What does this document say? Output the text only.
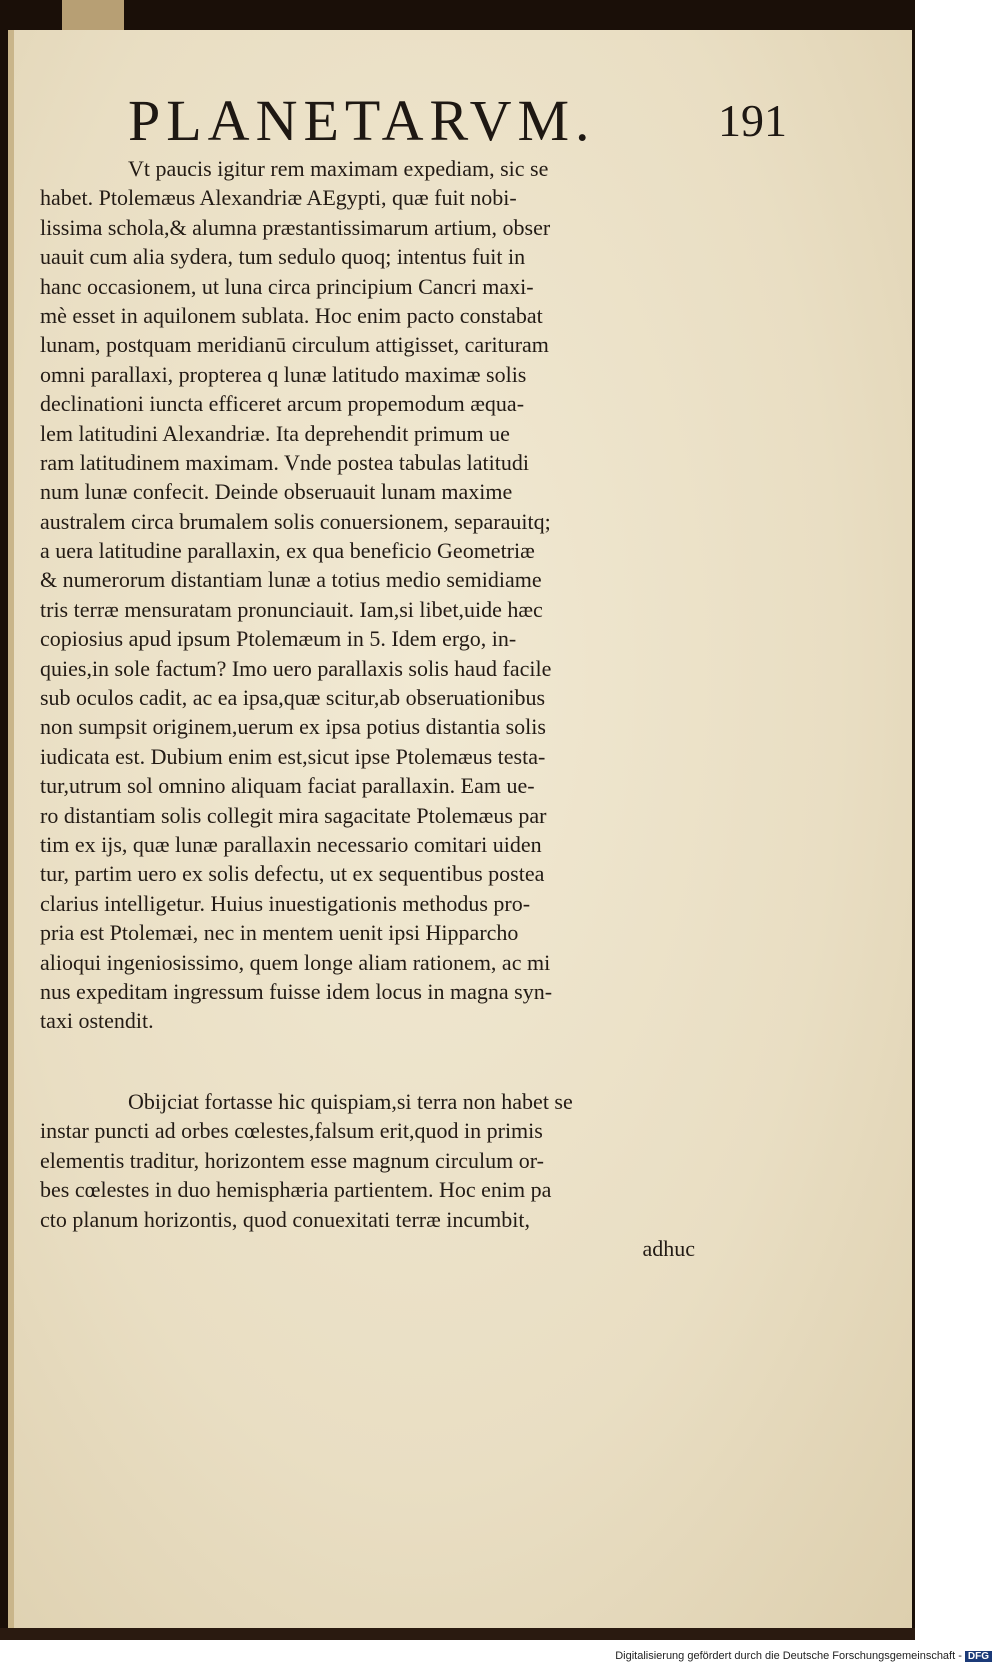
PLANETARVM.	191
Vt paucis igitur rem maximam expediam, sic se
habet. Ptolemæus Alexandriæ AEgypti, quæ fuit nobi-
lissima schola,& alumna præstantissimarum artium, obser
uauit cum alia sydera, tum sedulo quoq; intentus fuit in
hanc occasionem, ut luna circa principium Cancri maxi-
mè esset in aquilonem sublata. Hoc enim pacto constabat
lunam, postquam meridianū circulum attigisset, carituram
omni parallaxi, propterea q lunæ latitudo maximæ solis
declinationi iuncta efficeret arcum propemodum æqua-
lem latitudini Alexandriæ. Ita deprehendit primum ue
ram latitudinem maximam. Vnde postea tabulas latitudi
num lunæ confecit. Deinde obseruauit lunam maxime
australem circa brumalem solis conuersionem, separauitq;
a uera latitudine parallaxin, ex qua beneficio Geometriæ
& numerorum distantiam lunæ a totius medio semidiame
tris terræ mensuratam pronunciauit. Iam,si libet,uide hæc
copiosius apud ipsum Ptolemæum in 5. Idem ergo, in-
quies,in sole factum? Imo uero parallaxis solis haud facile
sub oculos cadit, ac ea ipsa,quæ scitur,ab obseruationibus
non sumpsit originem,uerum ex ipsa potius distantia solis
iudicata est. Dubium enim est,sicut ipse Ptolemæus testa-
tur,utrum sol omnino aliquam faciat parallaxin. Eam ue-
ro distantiam solis collegit mira sagacitate Ptolemæus par
tim ex ijs, quæ lunæ parallaxin necessario comitari uiden
tur, partim uero ex solis defectu, ut ex sequentibus postea
clarius intelligetur. Huius inuestigationis methodus pro-
pria est Ptolemæi, nec in mentem uenit ipsi Hipparcho
alioqui ingeniosissimo, quem longe aliam rationem, ac mi
nus expeditam ingressum fuisse idem locus in magna syn-
taxi ostendit.
Obijciat fortasse hic quispiam,si terra non habet se
instar puncti ad orbes cœlestes,falsum erit,quod in primis
elementis traditur, horizontem esse magnum circulum or-
bes cœlestes in duo hemisphæria partientem. Hoc enim pa
cto planum horizontis, quod conuexitati terræ incumbit,
adhuc
Digitalisierung gefördert durch die Deutsche Forschungsgemeinschaft - DFG
